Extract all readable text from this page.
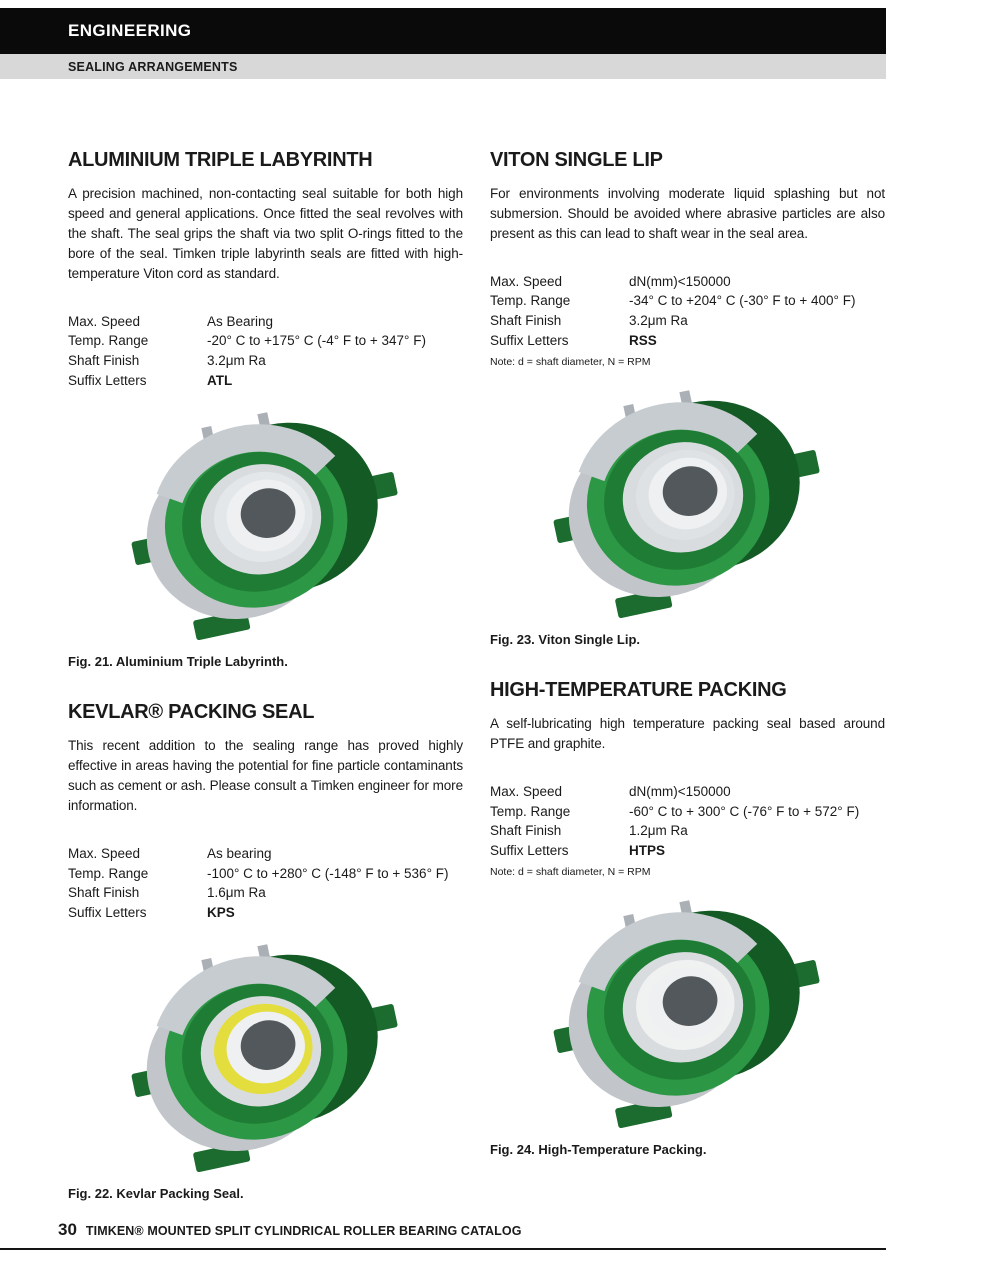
ENGINEERING
SEALING ARRANGEMENTS
ALUMINIUM TRIPLE LABYRINTH

A precision machined, non-contacting seal suitable for both high speed and general applications. Once fitted the seal revolves with the shaft. The seal grips the shaft via two split O-rings fitted to the bore of the seal. Timken triple labyrinth seals are fitted with high-temperature Viton cord as standard.

Max. Speed	As Bearing
Temp. Range	-20° C to +175° C (-4° F to + 347° F)
Shaft Finish	3.2μm Ra
Suffix Letters	ATL
Fig. 21. Aluminium Triple Labyrinth.
KEVLAR® PACKING SEAL

This recent addition to the sealing range has proved highly effective in areas having the potential for fine particle contaminants such as cement or ash. Please consult a Timken engineer for more information.

Max. Speed	As bearing
Temp. Range	-100° C to +280° C (-148° F to + 536° F)
Shaft Finish	1.6μm Ra
Suffix Letters	KPS
Fig. 22. Kevlar Packing Seal.
VITON SINGLE LIP

For environments involving moderate liquid splashing but not submersion. Should be avoided where abrasive particles are also present as this can lead to shaft wear in the seal area.

Max. Speed	dN(mm)<150000
Temp. Range	-34° C to +204° C (-30° F to + 400° F)
Shaft Finish	3.2μm Ra
Suffix Letters	RSS
Note: d = shaft diameter, N = RPM
Fig. 23. Viton Single Lip.
HIGH-TEMPERATURE PACKING

A self-lubricating high temperature packing seal based around PTFE and graphite.

Max. Speed	dN(mm)<150000
Temp. Range	-60° C to + 300° C (-76° F to + 572° F)
Shaft Finish	1.2μm Ra
Suffix Letters	HTPS
Note: d = shaft diameter, N = RPM
Fig. 24. High-Temperature Packing.
30 TIMKEN® MOUNTED SPLIT CYLINDRICAL ROLLER BEARING CATALOG
